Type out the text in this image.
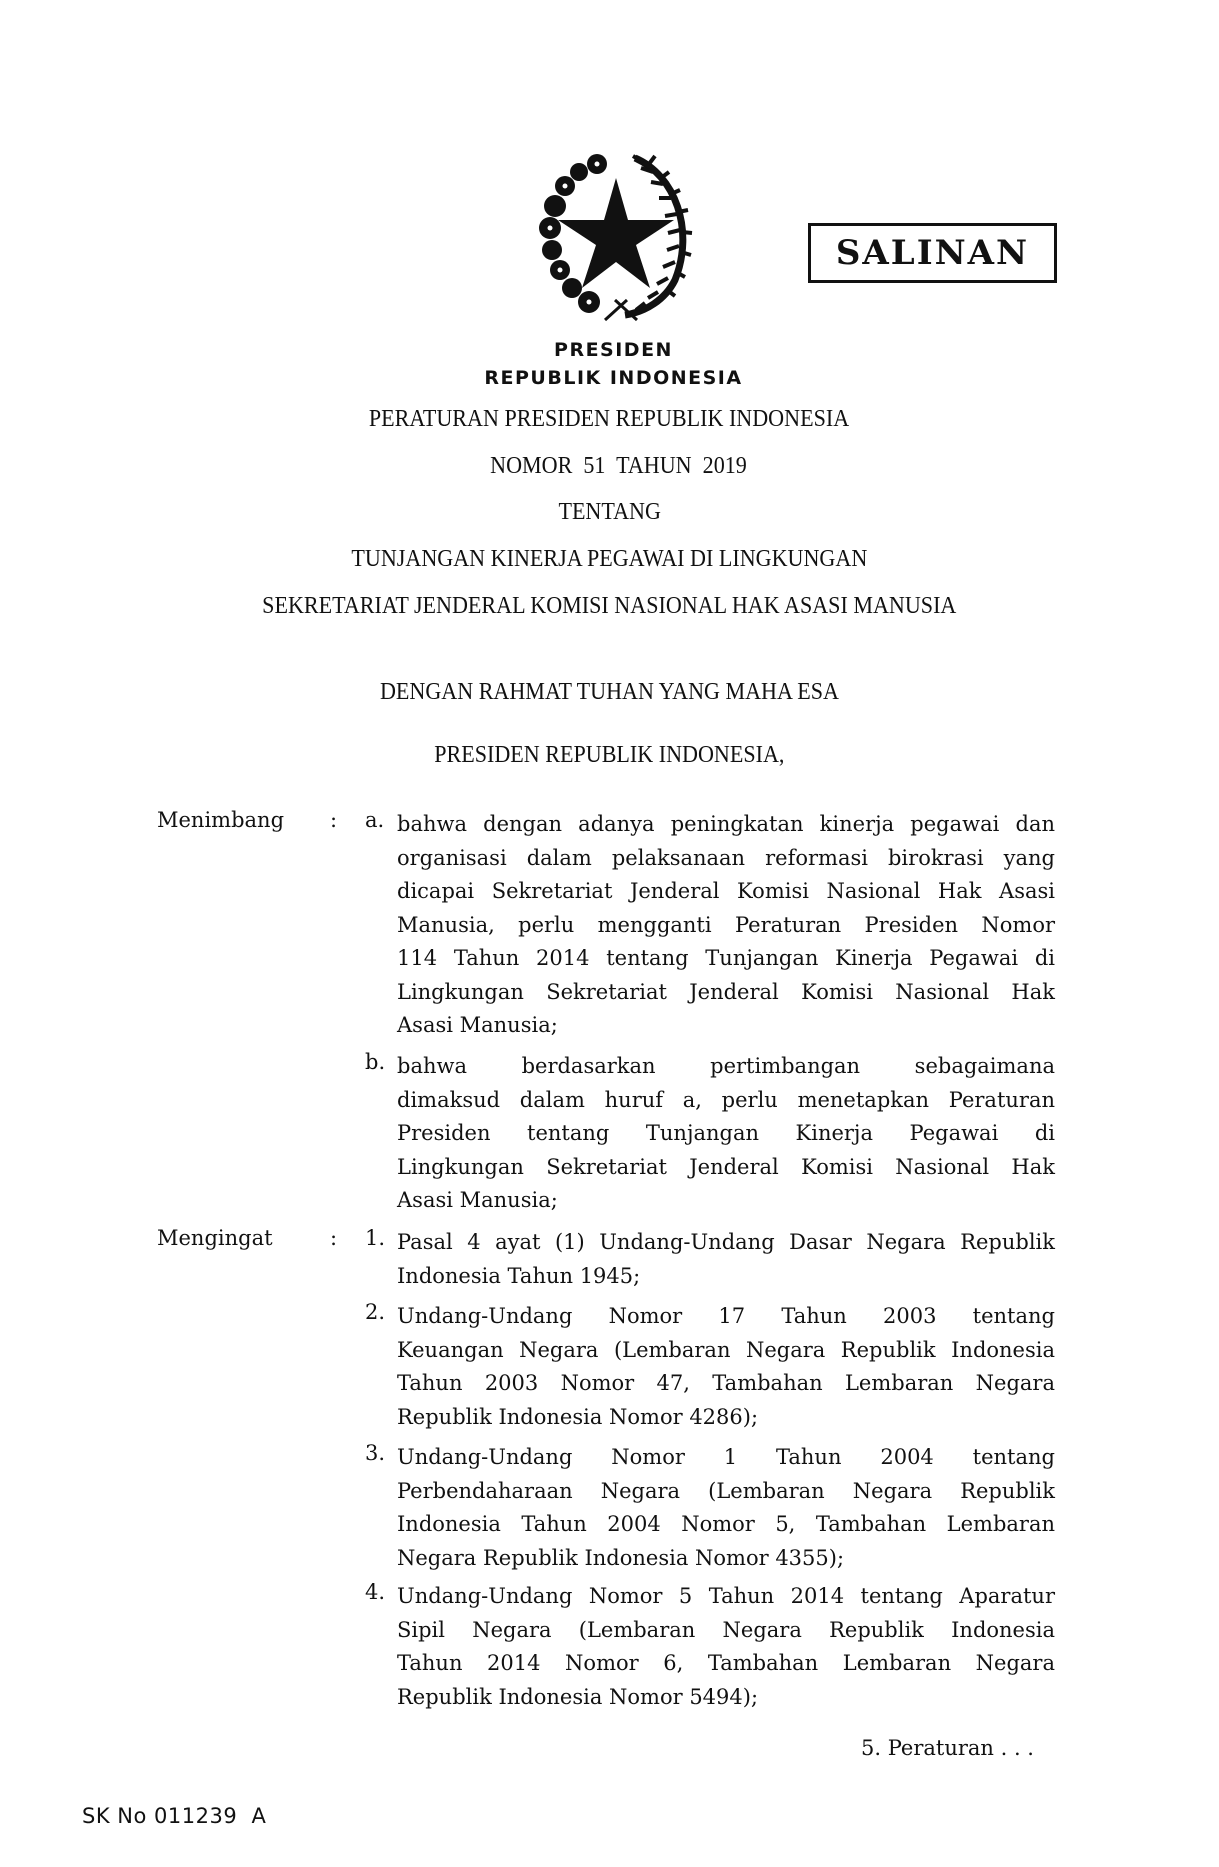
SALINAN
PRESIDEN
REPUBLIK INDONESIA
PERATURAN PRESIDEN REPUBLIK INDONESIA
NOMOR  51  TAHUN  2019
TENTANG
TUNJANGAN KINERJA PEGAWAI DI LINGKUNGAN
SEKRETARIAT JENDERAL KOMISI NASIONAL HAK ASASI MANUSIA
DENGAN RAHMAT TUHAN YANG MAHA ESA
PRESIDEN REPUBLIK INDONESIA,
Menimbang : a. bahwa dengan adanya peningkatan kinerja pegawai dan
organisasi dalam pelaksanaan reformasi birokrasi yang
dicapai Sekretariat Jenderal Komisi Nasional Hak Asasi
Manusia, perlu mengganti Peraturan Presiden Nomor
114 Tahun 2014 tentang Tunjangan Kinerja Pegawai di
Lingkungan Sekretariat Jenderal Komisi Nasional Hak
Asasi Manusia;
b. bahwa berdasarkan pertimbangan sebagaimana
dimaksud dalam huruf a, perlu menetapkan Peraturan
Presiden tentang Tunjangan Kinerja Pegawai di
Lingkungan Sekretariat Jenderal Komisi Nasional Hak
Asasi Manusia;
Mengingat	: 1. Pasal 4 ayat (1) Undang-Undang Dasar Negara Republik
Indonesia Tahun 1945;
2. Undang-Undang Nomor 17 Tahun 2003 tentang
Keuangan Negara (Lembaran Negara Republik Indonesia
Tahun 2003 Nomor 47, Tambahan Lembaran Negara
Republik Indonesia Nomor 4286);
3. Undang-Undang Nomor 1 Tahun 2004 tentang
Perbendaharaan Negara (Lembaran Negara Republik
Indonesia Tahun 2004 Nomor 5, Tambahan Lembaran
Negara Republik Indonesia Nomor 4355);
4. Undang-Undang Nomor 5 Tahun 2014 tentang Aparatur
Sipil Negara (Lembaran Negara Republik Indonesia
Tahun 2014 Nomor 6, Tambahan Lembaran Negara
Republik Indonesia Nomor 5494);
5. Peraturan . . .
SK No 011239  A
